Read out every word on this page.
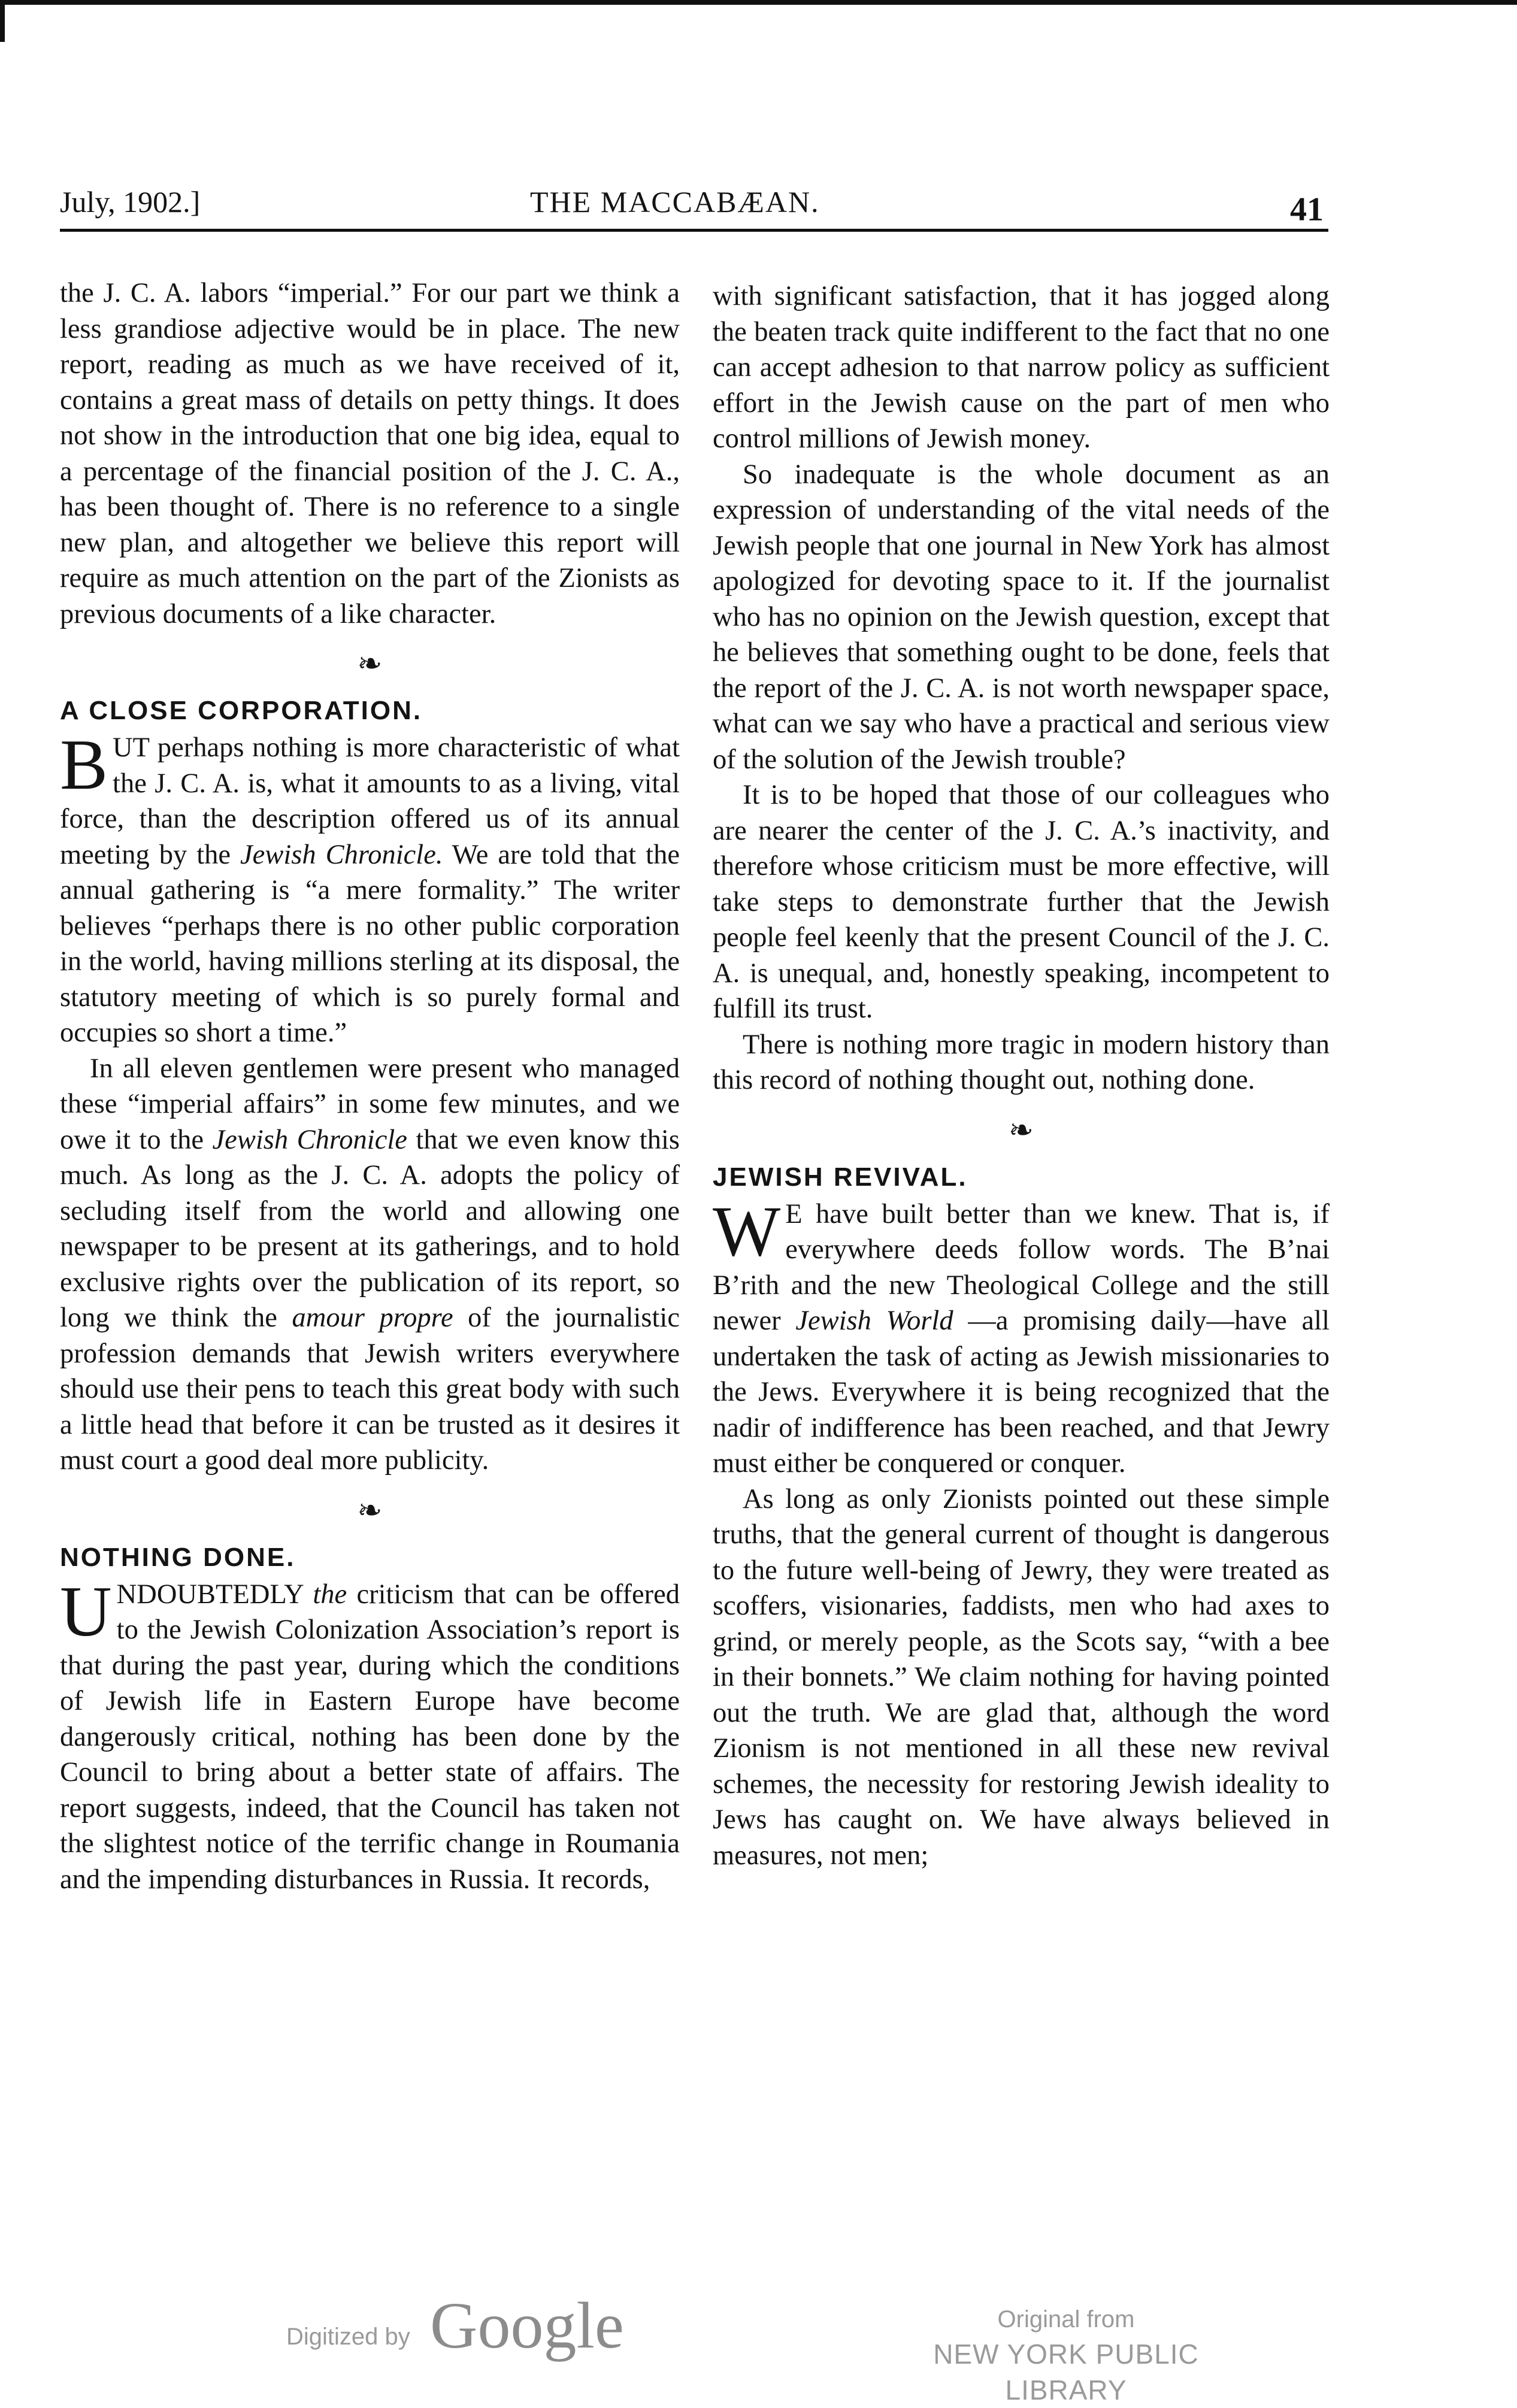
July, 1902.]	THE MACCABÆAN.	41

the J. C. A. labors “imperial.” For our part we think a less grandiose adjective would be in place. The new report, reading as much as we have received of it, contains a great mass of details on petty things. It does not show in the introduction that one big idea, equal to a percentage of the financial position of the J. C. A., has been thought of. There is no reference to a single new plan, and altogether we believe this report will require as much attention on the part of the Zionists as previous documents of a like character.

❧
A CLOSE CORPORATION.

BUT perhaps nothing is more characteristic of what the J. C. A. is, what it amounts to as a living, vital force, than the description offered us of its annual meeting by the Jewish Chronicle. We are told that the annual gathering is “a mere formality.” The writer believes “perhaps there is no other public corporation in the world, having millions sterling at its disposal, the statutory meeting of which is so purely formal and occupies so short a time.”

In all eleven gentlemen were present who managed these “imperial affairs” in some few minutes, and we owe it to the Jewish Chronicle that we even know this much. As long as the J. C. A. adopts the policy of secluding itself from the world and allowing one newspaper to be present at its gatherings, and to hold exclusive rights over the publication of its report, so long we think the amour propre of the journalistic profession demands that Jewish writers everywhere should use their pens to teach this great body with such a little head that before it can be trusted as it desires it must court a good deal more publicity.

❧
NOTHING DONE.

UNDOUBTEDLY the criticism that can be offered to the Jewish Colonization Association’s report is that during the past year, during which the conditions of Jewish life in Eastern Europe have become dangerously critical, nothing has been done by the Council to bring about a better state of affairs. The report suggests, indeed, that the Council has taken not the slightest notice of the terrific change in Roumania and the impending disturbances in Russia. It records,

with significant satisfaction, that it has jogged along the beaten track quite indifferent to the fact that no one can accept adhesion to that narrow policy as sufficient effort in the Jewish cause on the part of men who control millions of Jewish money.

So inadequate is the whole document as an expression of understanding of the vital needs of the Jewish people that one journal in New York has almost apologized for devoting space to it. If the journalist who has no opinion on the Jewish question, except that he believes that something ought to be done, feels that the report of the J. C. A. is not worth newspaper space, what can we say who have a practical and serious view of the solution of the Jewish trouble?

It is to be hoped that those of our colleagues who are nearer the center of the J. C. A.’s inactivity, and therefore whose criticism must be more effective, will take steps to demonstrate further that the Jewish people feel keenly that the present Council of the J. C. A. is unequal, and, honestly speaking, incompetent to fulfill its trust.

There is nothing more tragic in modern history than this record of nothing thought out, nothing done.

❧
JEWISH REVIVAL.

W E have built better than we knew. That is, if everywhere deeds follow words. The B’nai B’rith and the new Theological College and the still newer Jewish World —a promising daily—have all undertaken the task of acting as Jewish missionaries to the Jews. Everywhere it is being recognized that the nadir of indifference has been reached, and that Jewry must either be conquered or conquer.

As long as only Zionists pointed out these simple truths, that the general current of thought is dangerous to the future well-being of Jewry, they were treated as scoffers, visionaries, faddists, men who had axes to grind, or merely people, as the Scots say, “with a bee in their bonnets.” We claim nothing for having pointed out the truth. We are glad that, although the word Zionism is not mentioned in all these new revival schemes, the necessity for restoring Jewish ideality to Jews has caught on. We have always believed in measures, not men;

Digitized by Google	Original from
NEW YORK PUBLIC LIBRARY
